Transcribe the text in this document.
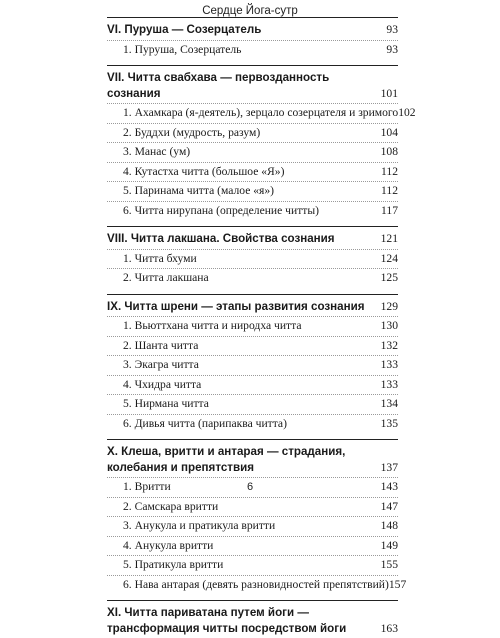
Сердце Йога-сутр
VI. Пуруша — Созерцатель	93
1. Пуруша, Созерцатель	93
VII. Читта свабхава — первозданность сознания	101
1. Ахамкара (я-деятель), зерцало созерцателя и зримого 102
2. Буддхи (мудрость, разум)	104
3. Манас (ум)	108
4. Кутастха читта (большое «Я»)	112
5. Паринама читта (малое «я»)	112
6. Читта нирупана (определение читты)	117
VIII. Читта лакшана. Свойства сознания	121
1. Читта бхуми	124
2. Читта лакшана	125
IX. Читта шрени — этапы развития сознания 129
1. Вьюттхана читта и ниродха читта	130
2. Шанта читта	132
3. Экагра читта	133
4. Чхидра читта	133
5. Нирмана читта	134
6. Дивья читта (парипаква читта)	135
X. Клеша, вритти и антарая — страдания, колебания и препятствия	137
1. Вритти	143
2. Самскара вритти	147
3. Анукула и пратикула вритти	148
4. Анукула вритти	149
5. Пратикула вритти	155
6. Нава антарая (девять разновидностей препятствий) 157
XI. Читта париватана путем йоги — трансформация читты посредством йоги	163
6
